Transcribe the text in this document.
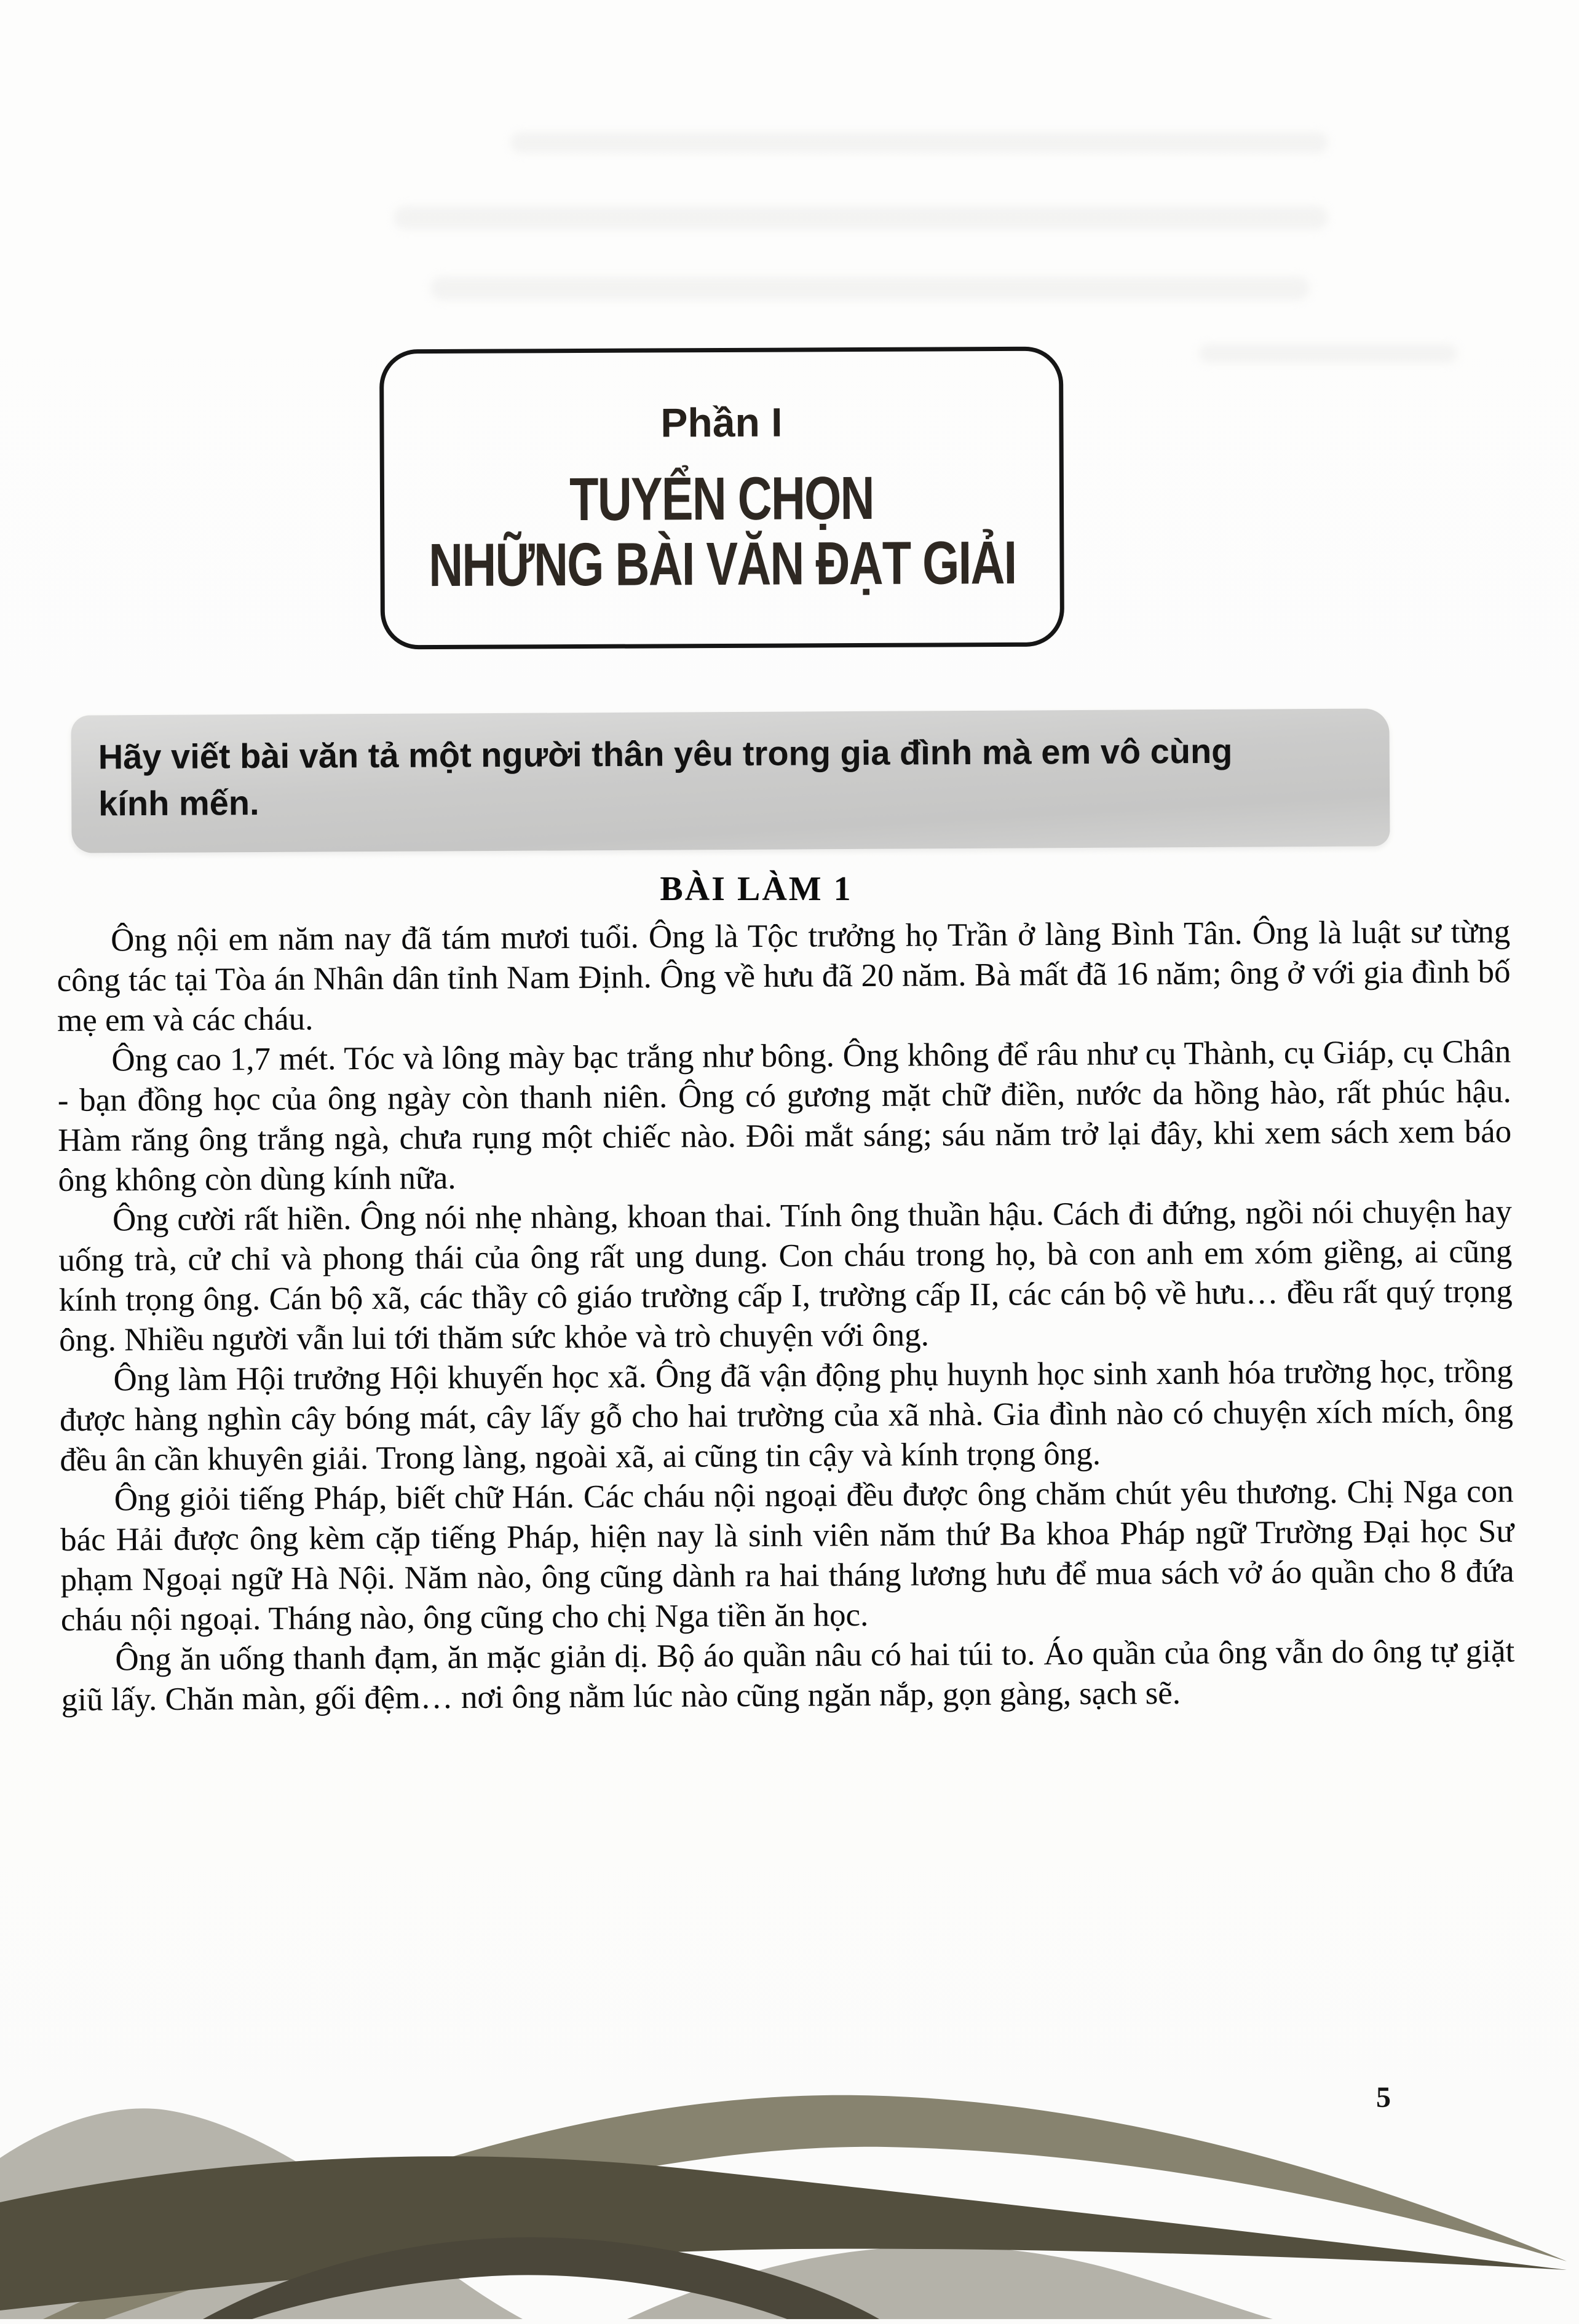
Phần I
TUYỂN CHỌN
NHỮNG BÀI VĂN ĐẠT GIẢI
Hãy viết bài văn tả một người thân yêu trong gia đình mà em vô cùng
kính mến.
BÀI LÀM 1

Ông nội em năm nay đã tám mươi tuổi. Ông là Tộc trưởng họ Trần ở làng Bình Tân. Ông là luật sư từng công tác tại Tòa án Nhân dân tỉnh Nam Định. Ông về hưu đã 20 năm. Bà mất đã 16 năm; ông ở với gia đình bố mẹ em và các cháu.

Ông cao 1,7 mét. Tóc và lông mày bạc trắng như bông. Ông không để râu như cụ Thành, cụ Giáp, cụ Chân - bạn đồng học của ông ngày còn thanh niên. Ông có gương mặt chữ điền, nước da hồng hào, rất phúc hậu. Hàm răng ông trắng ngà, chưa rụng một chiếc nào. Đôi mắt sáng; sáu năm trở lại đây, khi xem sách xem báo ông không còn dùng kính nữa.

Ông cười rất hiền. Ông nói nhẹ nhàng, khoan thai. Tính ông thuần hậu. Cách đi đứng, ngồi nói chuyện hay uống trà, cử chỉ và phong thái của ông rất ung dung. Con cháu trong họ, bà con anh em xóm giềng, ai cũng kính trọng ông. Cán bộ xã, các thầy cô giáo trường cấp I, trường cấp II, các cán bộ về hưu… đều rất quý trọng ông. Nhiều người vẫn lui tới thăm sức khỏe và trò chuyện với ông.

Ông làm Hội trưởng Hội khuyến học xã. Ông đã vận động phụ huynh học sinh xanh hóa trường học, trồng được hàng nghìn cây bóng mát, cây lấy gỗ cho hai trường của xã nhà. Gia đình nào có chuyện xích mích, ông đều ân cần khuyên giải. Trong làng, ngoài xã, ai cũng tin cậy và kính trọng ông.

Ông giỏi tiếng Pháp, biết chữ Hán. Các cháu nội ngoại đều được ông chăm chút yêu thương. Chị Nga con bác Hải được ông kèm cặp tiếng Pháp, hiện nay là sinh viên năm thứ Ba khoa Pháp ngữ Trường Đại học Sư phạm Ngoại ngữ Hà Nội. Năm nào, ông cũng dành ra hai tháng lương hưu để mua sách vở áo quần cho 8 đứa cháu nội ngoại. Tháng nào, ông cũng cho chị Nga tiền ăn học.

Ông ăn uống thanh đạm, ăn mặc giản dị. Bộ áo quần nâu có hai túi to. Áo quần của ông vẫn do ông tự giặt giũ lấy. Chăn màn, gối đệm… nơi ông nằm lúc nào cũng ngăn nắp, gọn gàng, sạch sẽ.

5
